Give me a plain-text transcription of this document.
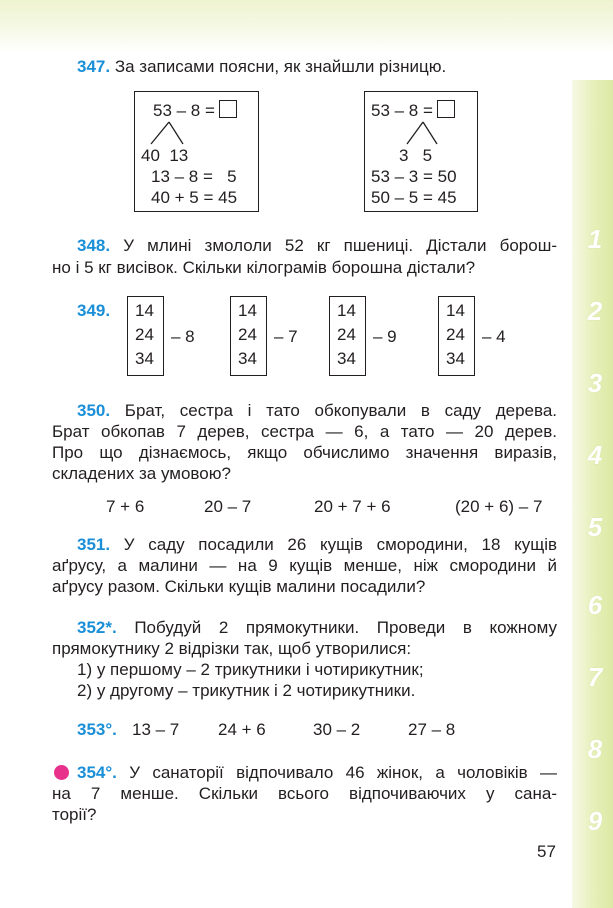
1
2
3
4
5
6
7
8
9
347. За записами поясни, як знайшли різницю.
53 – 8 =
40  13
13 – 8 =   5
40 + 5 = 45
53 – 8 =
3   5
53 – 3 = 50
50 – 5 = 45
348. У млині змололи 52 кг пшениці. Дістали борош-
но і 5 кг висівок. Скільки кілограмів борошна дістали?
349. 14
24
34
– 8
14
24
34
– 7
14
24
34
– 9
14
24
34
– 4
350. Брат, сестра і тато обкопували в саду дерева.
Брат обкопав 7 дерев, сестра — 6, а тато — 20 дерев.
Про що дізнаємось, якщо обчислимо значення виразів,
складених за умовою?
7 + 6	20 – 7	20 + 7 + 6	(20 + 6) – 7
351. У саду посадили 26 кущів смородини, 18 кущів
аґрусу, а малини — на 9 кущів менше, ніж смородини й
аґрусу разом. Скільки кущів малини посадили?
352*. Побудуй 2 прямокутники. Проведи в кожному
прямокутнику 2 відрізки так, щоб утворилися:
1) у першому – 2 трикутники і чотирикутник;
2) у другому – трикутник і 2 чотирикутники.
353°. 13 – 7 24 + 6	30 – 2	27 – 8
354°. У санаторії відпочивало 46 жінок, а чоловіків —
на 7 менше. Скільки всього відпочиваючих у сана-
торії?
57
